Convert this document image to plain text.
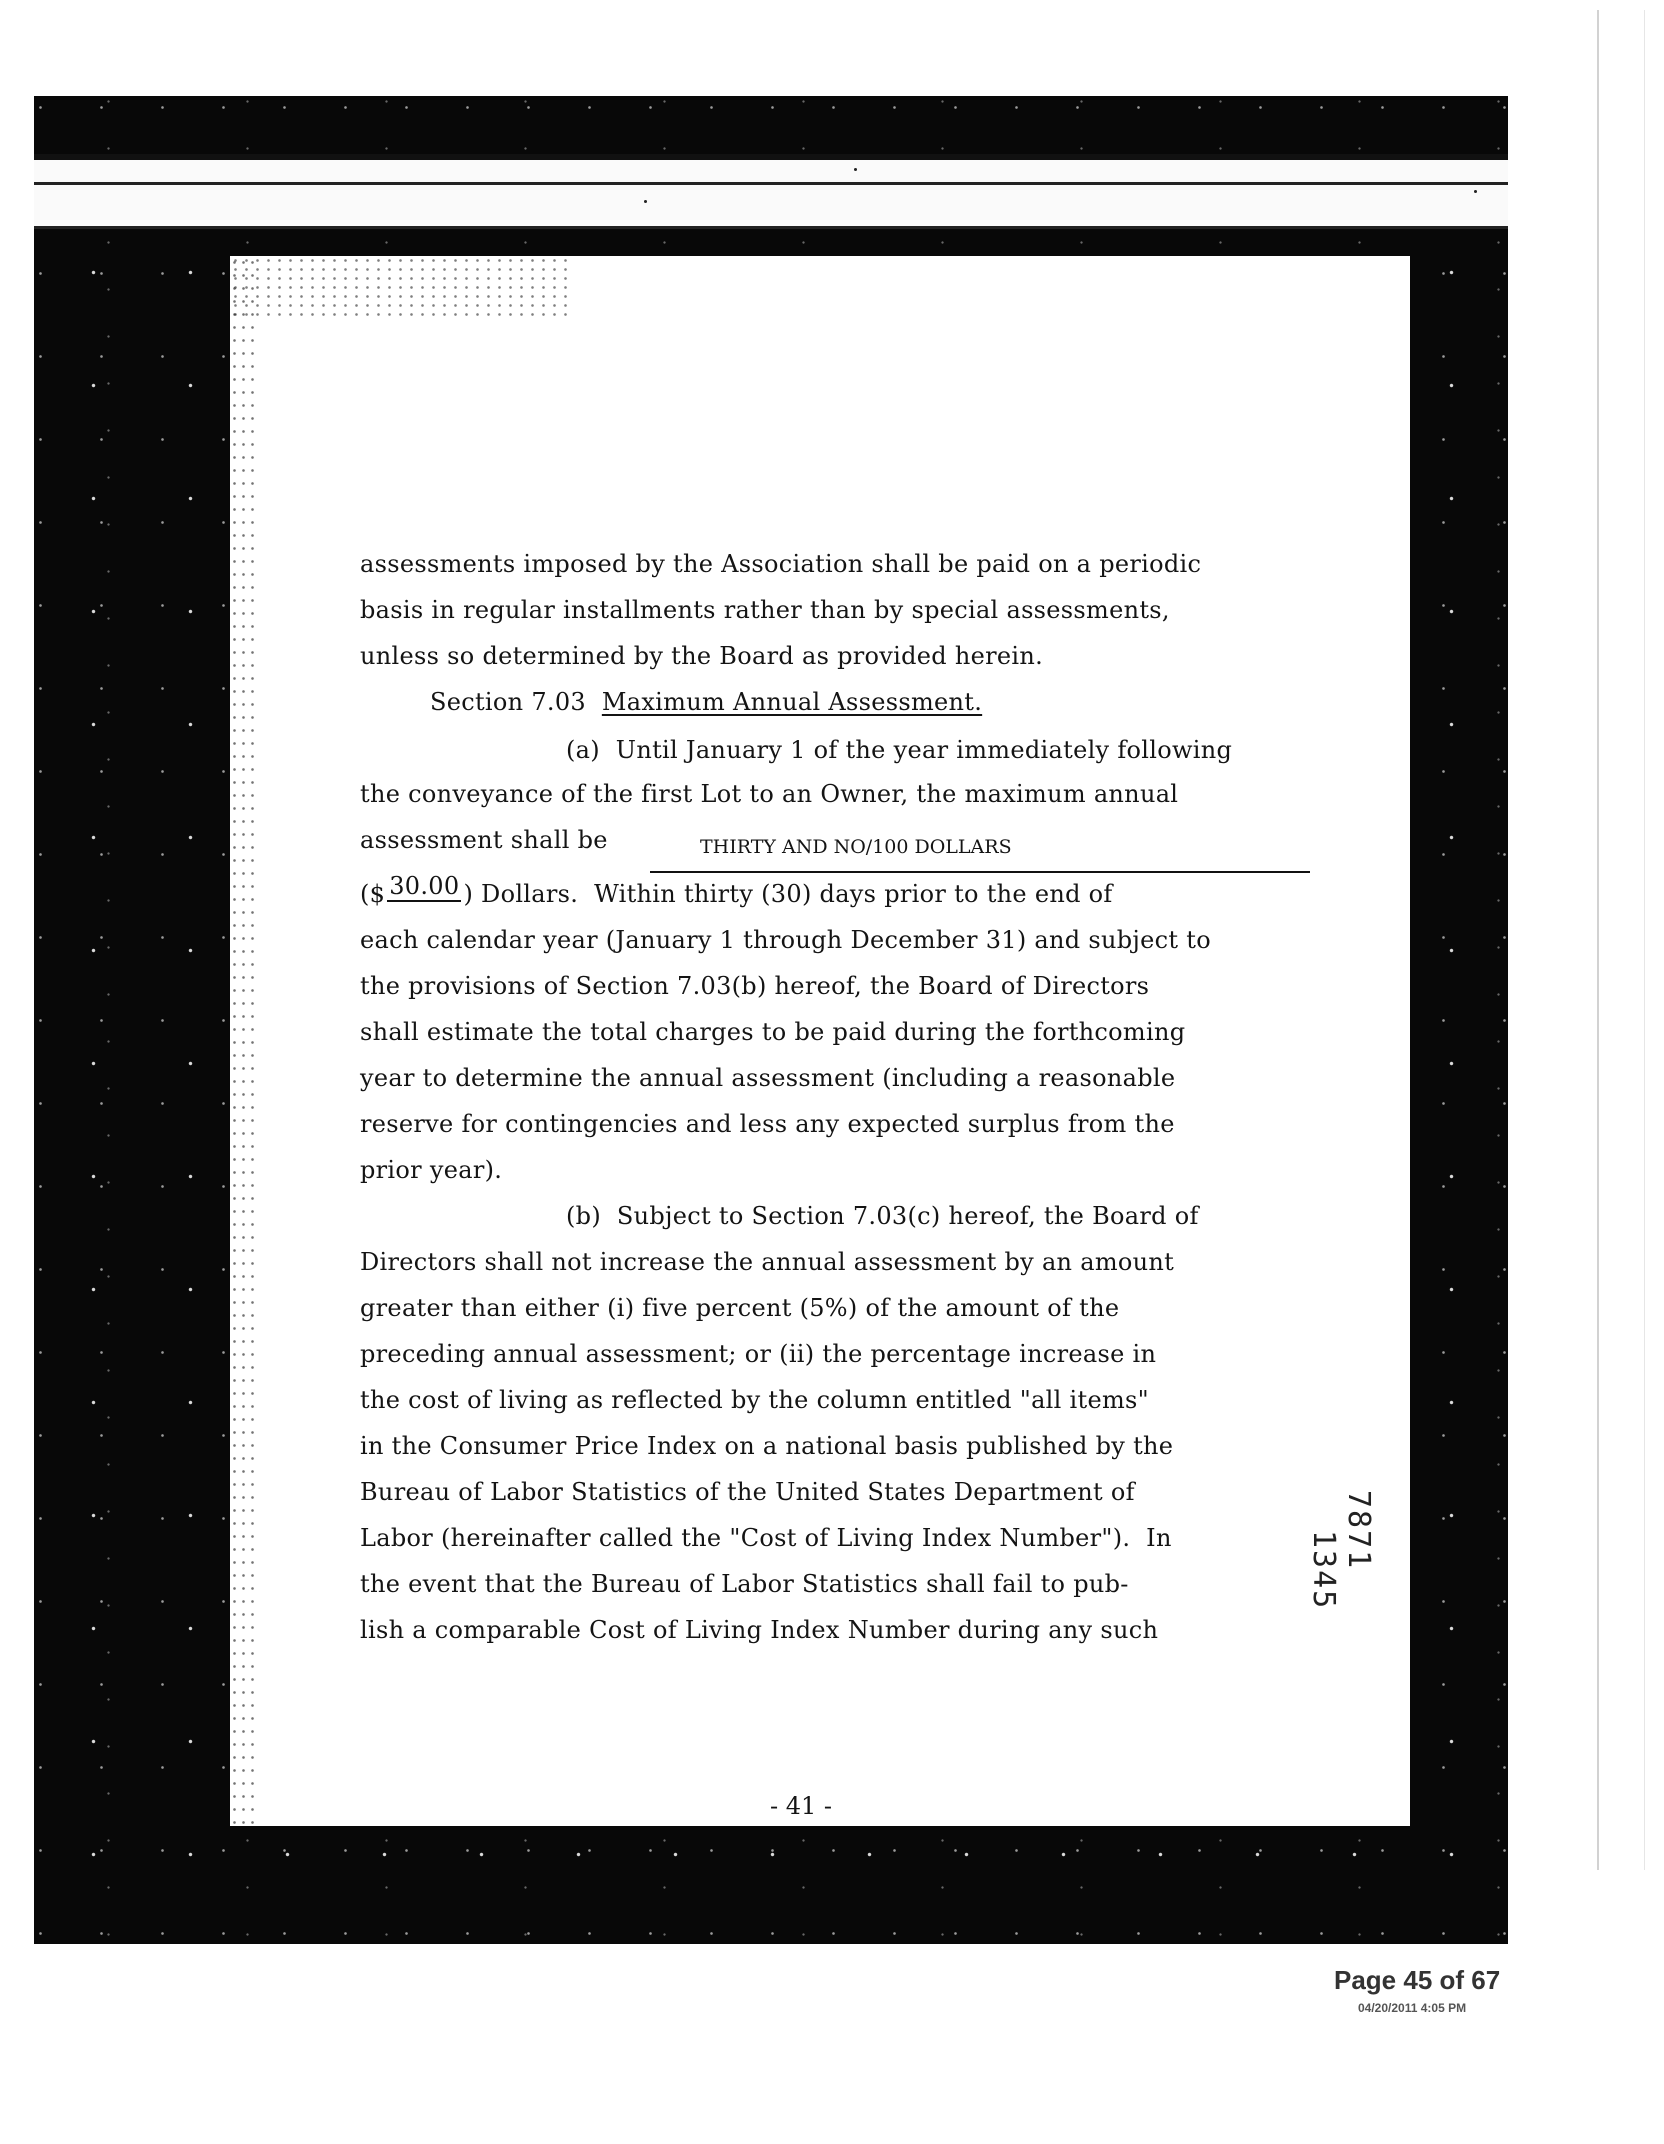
assessments imposed by the Association shall be paid on a periodic
basis in regular installments rather than by special assessments,
unless so determined by the Board as provided herein.
Section 7.03 Maximum Annual Assessment.
(a)  Until January 1 of the year immediately following
the conveyance of the first Lot to an Owner, the maximum annual
assessment shall be	THIRTY AND NO/100 DOLLARS
($ 30.00 ) Dollars.  Within thirty (30) days prior to the end of
each calendar year (January 1 through December 31) and subject to
the provisions of Section 7.03(b) hereof, the Board of Directors
shall estimate the total charges to be paid during the forthcoming
year to determine the annual assessment (including a reasonable
reserve for contingencies and less any expected surplus from the
prior year).
(b)  Subject to Section 7.03(c) hereof, the Board of
Directors shall not increase the annual assessment by an amount
greater than either (i) five percent (5%) of the amount of the
preceding annual assessment; or (ii) the percentage increase in
the cost of living as reflected by the column entitled "all items"
in the Consumer Price Index on a national basis published by the
Bureau of Labor Statistics of the United States Department of
Labor (hereinafter called the "Cost of Living Index Number").  In
the event that the Bureau of Labor Statistics shall fail to pub-
lish a comparable Cost of Living Index Number during any such
7871
1345
- 41 -
Page 45 of 67
04/20/2011 4:05 PM
